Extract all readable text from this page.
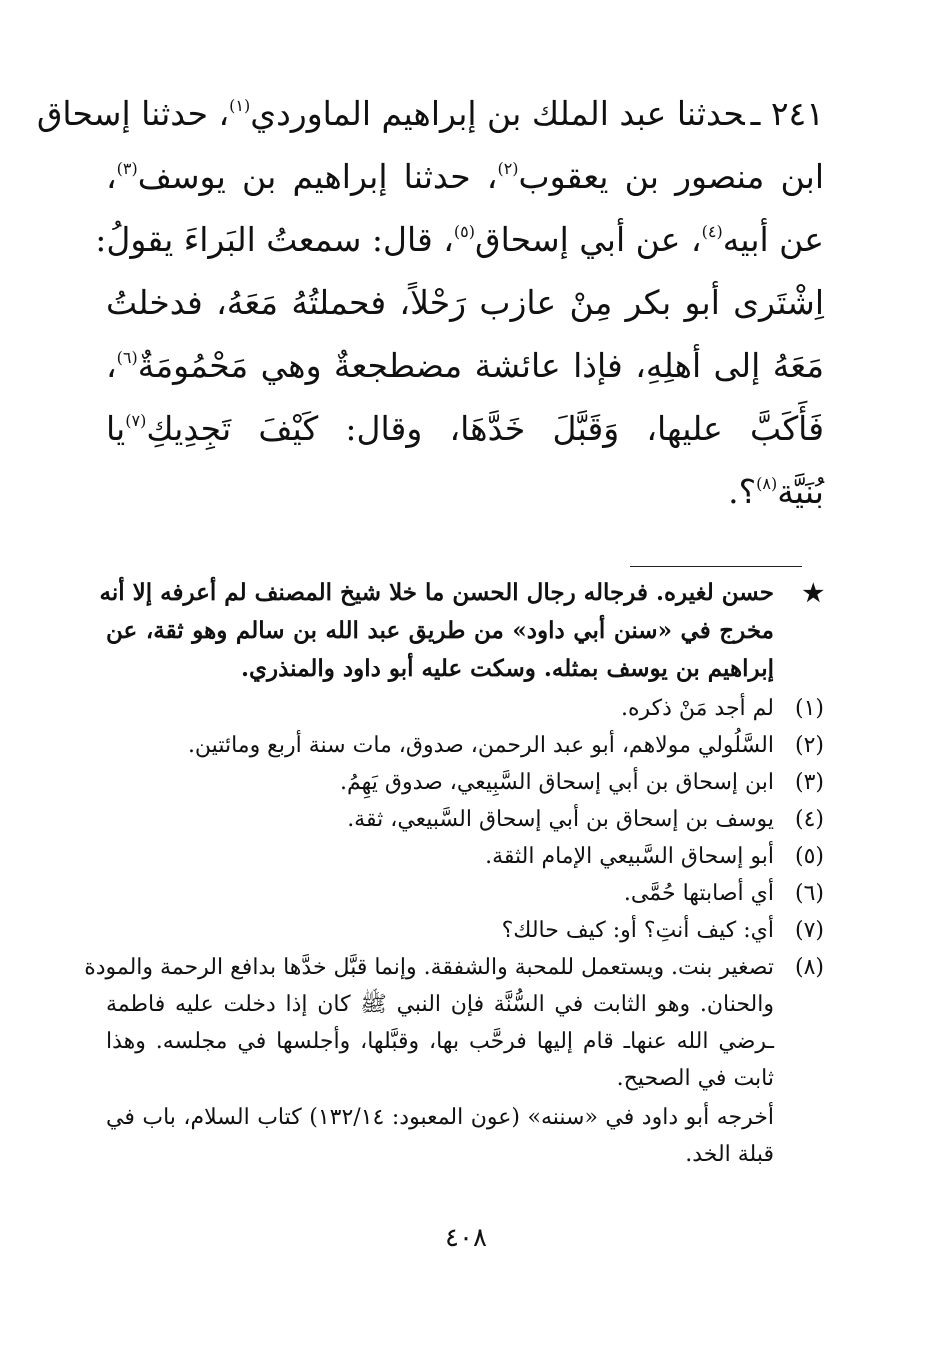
٢٤١ ـحدثنا عبد الملك بن إبراهيم الماوردي$^{(١)}$، حدثنا إسحاق
ابن منصور بن يعقوب$^{(٢)}$، حدثنا إبراهيم بن يوسف$^{(٣)}$،
عن أبيه$^{(٤)}$، عن أبي إسحاق$^{(٥)}$، قال: سمعتُ البَراءَ يقولُ:
اِشْتَرى أبو بكر مِنْ عازب رَحْلاً، فحملتُهُ مَعَهُ، فدخلتُ
مَعَهُ إلى أهلِهِ، فإذا عائشة مضطجعةٌ وهي مَحْمُومَةٌ$^{(٦)}$،
فَأَكَبَّ عليها، وَقَبَّلَ خَدَّهَا، وقال: كَيْفَ تَجِدِيكِ$^{(٧)}$يا
بُنَيَّة$^{(٨)}$؟.
★
حسن لغيره. فرجاله رجال الحسن ما خلا شيخ المصنف لم أعرفه إلا أنه
مخرج في «سنن أبي داود» من طريق عبد الله بن سالم وهو ثقة، عن
إبراهيم بن يوسف بمثله. وسكت عليه أبو داود والمنذري.
(١)
لم أجد مَنْ ذكره.
(٢)
السَّلُولي مولاهم، أبو عبد الرحمن، صدوق، مات سنة أربع ومائتين.
(٣)
ابن إسحاق بن أبي إسحاق السَّبِيعي، صدوق يَهِمُ.
(٤)
يوسف بن إسحاق بن أبي إسحاق السَّبيعي، ثقة.
(٥)
أبو إسحاق السَّبيعي الإمام الثقة.
(٦)
أي أصابتها حُمَّى.
(٧)
أي: كيف أنتِ؟ أو: كيف حالك؟
(٨)
تصغير بنت. ويستعمل للمحبة والشفقة. وإنما قبَّل خدَّها بدافع الرحمة والمودة
والحنان. وهو الثابت في السُّنَّة فإن النبي ﷺ كان إذا دخلت عليه فاطمة
ـرضي الله عنهاـ قام إليها فرحَّب بها، وقبَّلها، وأجلسها في مجلسه. وهذا
ثابت في الصحيح.
أخرجه أبو داود في «سننه» (عون المعبود: ١٣٢/١٤) كتاب السلام، باب في
قبلة الخد.
٤٠٨
